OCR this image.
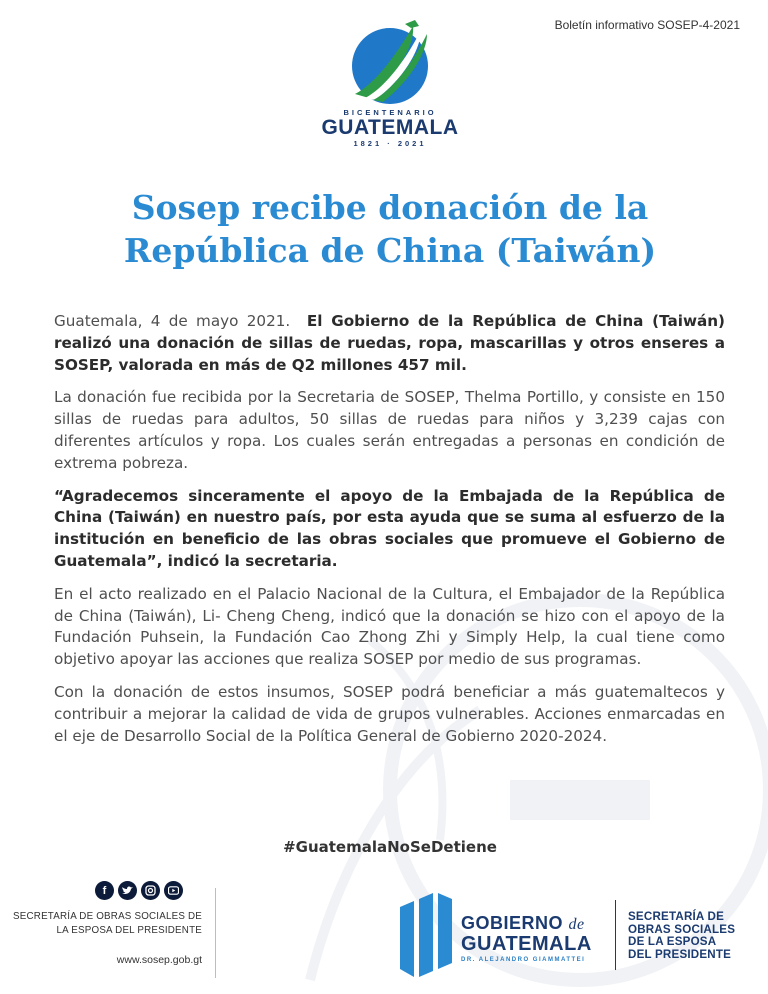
Boletín informativo SOSEP-4-2021
BICENTENARIO
GUATEMALA
1821 · 2021
Sosep recibe donación de la República de China (Taiwán)

Guatemala, 4 de mayo 2021. El Gobierno de la República de China (Taiwán) realizó una donación de sillas de ruedas, ropa, mascarillas y otros enseres a SOSEP, valorada en más de Q2 millones 457 mil.

La donación fue recibida por la Secretaria de SOSEP, Thelma Portillo, y consiste en 150 sillas de ruedas para adultos, 50 sillas de ruedas para niños y 3,239 cajas con diferentes artículos y ropa. Los cuales serán entregadas a personas en condición de extrema pobreza.

“Agradecemos sinceramente el apoyo de la Embajada de la República de China (Taiwán) en nuestro país, por esta ayuda que se suma al esfuerzo de la institución en beneficio de las obras sociales que promueve el Gobierno de Guatemala”, indicó la secretaria.

En el acto realizado en el Palacio Nacional de la Cultura, el Embajador de la República de China (Taiwán), Li- Cheng Cheng, indicó que la donación se hizo con el apoyo de la Fundación Puhsein, la Fundación Cao Zhong Zhi y Simply Help, la cual tiene como objetivo apoyar las acciones que realiza SOSEP por medio de sus programas.

Con la donación de estos insumos, SOSEP podrá beneficiar a más guatemaltecos y contribuir a mejorar la calidad de vida de grupos vulnerables. Acciones enmarcadas en el eje de Desarrollo Social de la Política General de Gobierno 2020-2024.

#GuatemalaNoSeDetiene
f
SECRETARÍA DE OBRAS SOCIALES DE
LA ESPOSA DEL PRESIDENTE
www.sosep.gob.gt
GOBIERNO de
GUATEMALA
DR. ALEJANDRO GIAMMATTEI
SECRETARÍA DE
OBRAS SOCIALES
DE LA ESPOSA
DEL PRESIDENTE
